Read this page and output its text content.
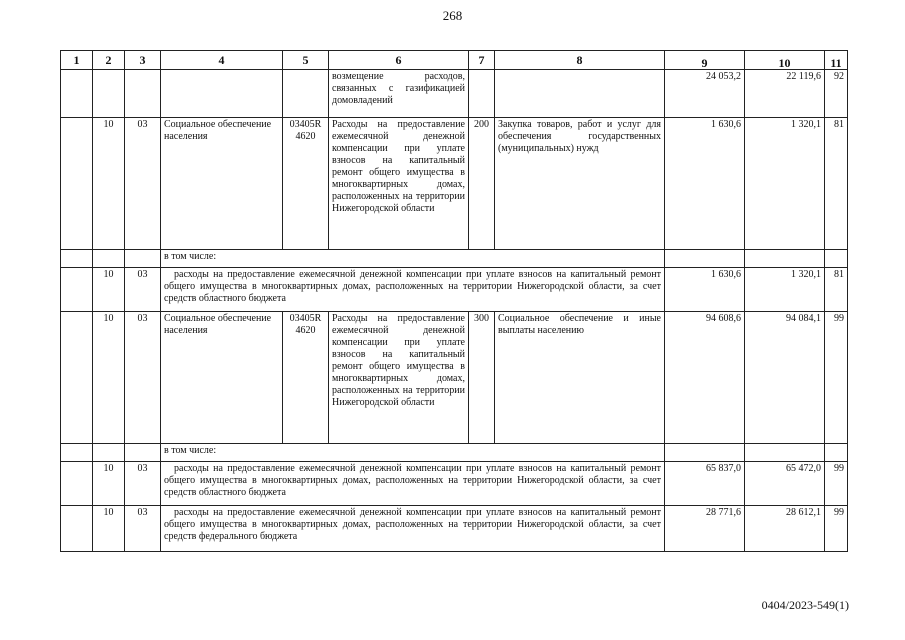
268
1	2	3	4	5	6	7	8	9	10	11
					возмещение расходов, связанных с газификацией домовладений			24 053,2	22 119,6	92
	10	03	Социальное обеспечение населения	03405R 4620	Расходы на предоставление ежемесячной денежной компенсации при уплате взносов на капитальный ремонт общего имущества в многоквартирных домах, расположенных на территории Нижегородской области	200	Закупка товаров, работ и услуг для обеспечения государственных (муниципальных) нужд	1 630,6	1 320,1	81
			в том числе:							
	10	03	расходы на предоставление ежемесячной денежной компенсации при уплате взносов на капитальный ремонт общего имущества в многоквартирных домах, расположенных на территории Нижегородской области, за счет средств областного бюджета					1 630,6	1 320,1	81
	10	03	Социальное обеспечение населения	03405R 4620	Расходы на предоставление ежемесячной денежной компенсации при уплате взносов на капитальный ремонт общего имущества в многоквартирных домах, расположенных на территории Нижегородской области	300	Социальное обеспечение и иные выплаты населению	94 608,6	94 084,1	99
			в том числе:							
	10	03	расходы на предоставление ежемесячной денежной компенсации при уплате взносов на капитальный ремонт общего имущества в многоквартирных домах, расположенных на территории Нижегородской области, за счет средств областного бюджета					65 837,0	65 472,0	99
	10	03	расходы на предоставление ежемесячной денежной компенсации при уплате взносов на капитальный ремонт общего имущества в многоквартирных домах, расположенных на территории Нижегородской области, за счет средств федерального бюджета					28 771,6	28 612,1	99
0404/2023-549(1)
